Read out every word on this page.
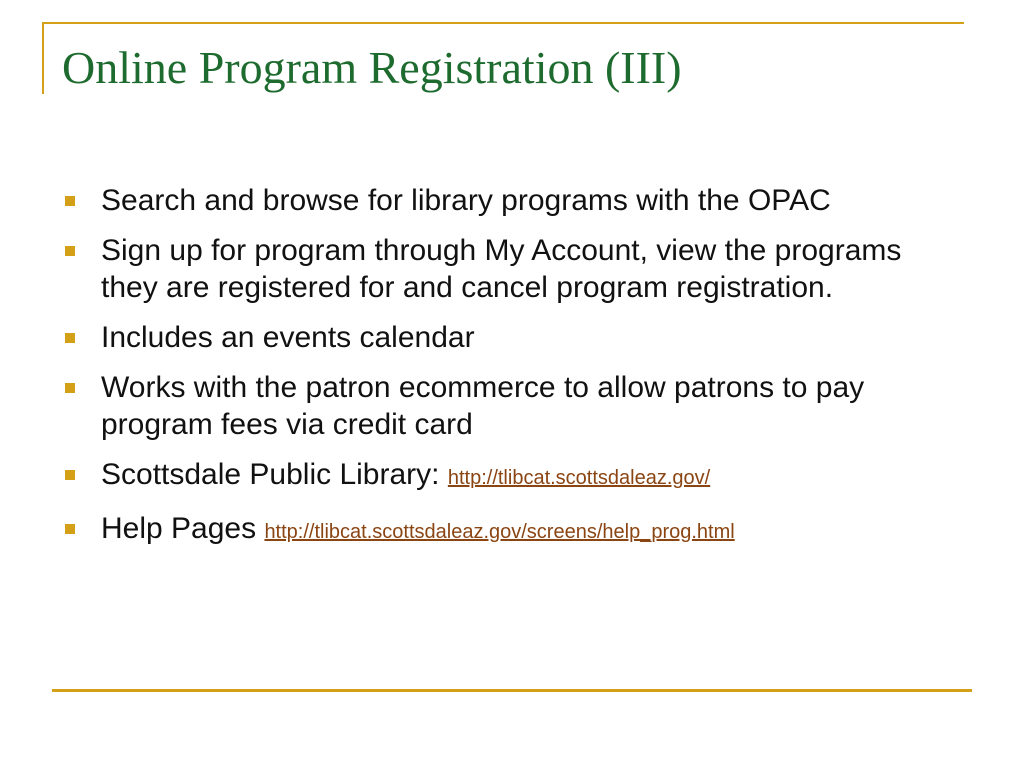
Online Program Registration (III)
Search and browse for library programs with the OPAC
Sign up for program through My Account, view the programs they are registered for and cancel program registration.
Includes an events calendar
Works with the patron ecommerce to allow patrons to pay program fees via credit card
Scottsdale Public Library: http://tlibcat.scottsdaleaz.gov/
Help Pages http://tlibcat.scottsdaleaz.gov/screens/help_prog.html
